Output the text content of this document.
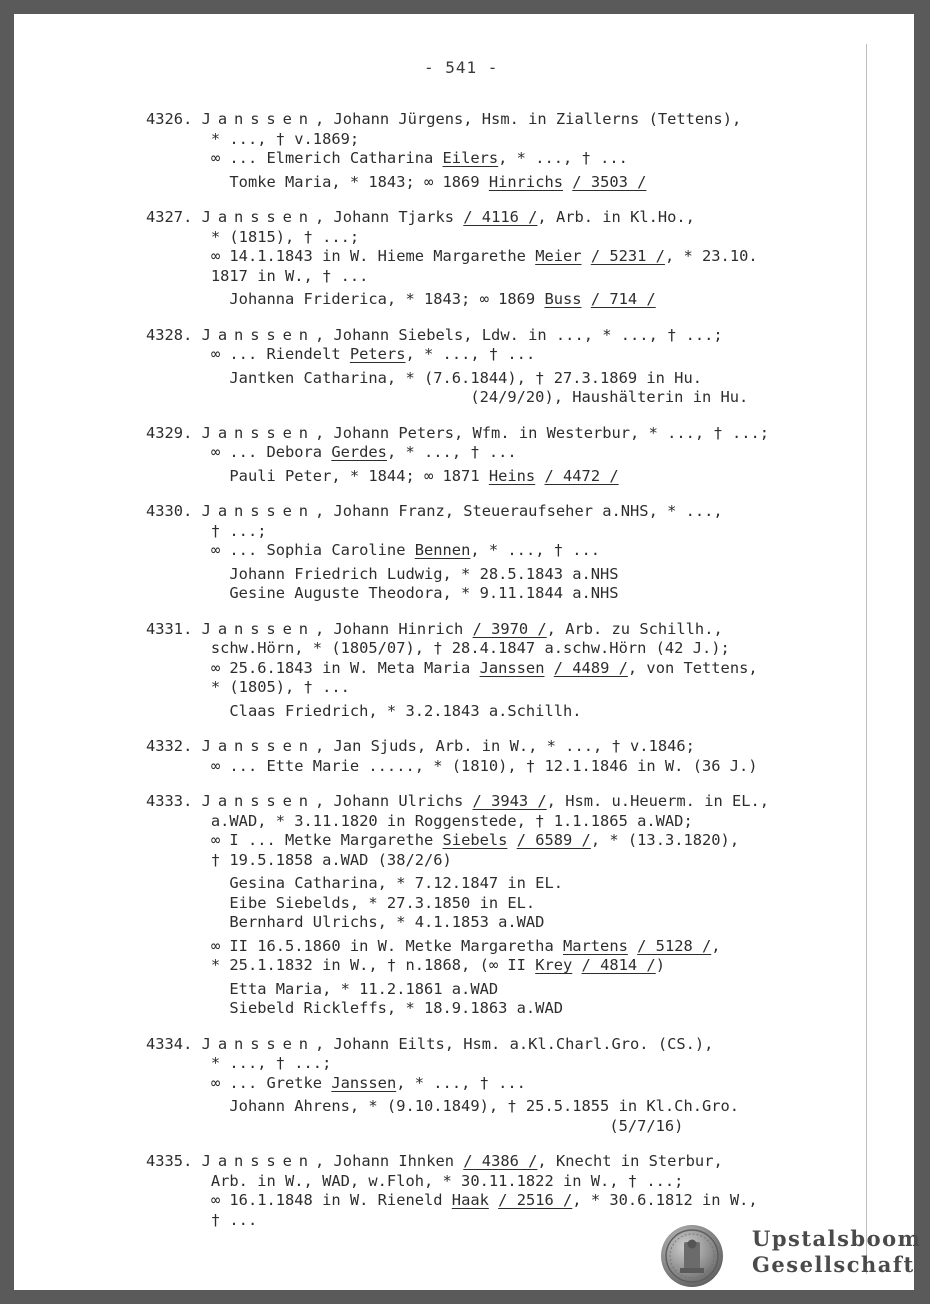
- 541 -
4326. Janssen, Johann Jürgens, Hsm. in Ziallerns (Tettens),
* ..., † v.1869;
∞ ... Elmerich Catharina Eilers, * ..., † ...
Tomke Maria, * 1843; ∞ 1869 Hinrichs / 3503 /
4327. Janssen, Johann Tjarks / 4116 /, Arb. in Kl.Ho.,
* (1815), † ...;
∞ 14.1.1843 in W. Hieme Margarethe Meier / 5231 /, * 23.10.
1817 in W., † ...
Johanna Friderica, * 1843; ∞ 1869 Buss / 714 /
4328. Janssen, Johann Siebels, Ldw. in ..., * ..., † ...;
∞ ... Riendelt Peters, * ..., † ...
Jantken Catharina, * (7.6.1844), † 27.3.1869 in Hu.
(24/9/20), Haushälterin in Hu.
4329. Janssen, Johann Peters, Wfm. in Westerbur, * ..., † ...;
∞ ... Debora Gerdes, * ..., † ...
Pauli Peter, * 1844; ∞ 1871 Heins / 4472 /
4330. Janssen, Johann Franz, Steueraufseher a.NHS, * ...,
† ...;
∞ ... Sophia Caroline Bennen, * ..., † ...
Johann Friedrich Ludwig, * 28.5.1843 a.NHS
Gesine Auguste Theodora, * 9.11.1844 a.NHS
4331. Janssen, Johann Hinrich / 3970 /, Arb. zu Schillh.,
schw.Hörn, * (1805/07), † 28.4.1847 a.schw.Hörn (42 J.);
∞ 25.6.1843 in W. Meta Maria Janssen / 4489 /, von Tettens,
* (1805), † ...
Claas Friedrich, * 3.2.1843 a.Schillh.
4332. Janssen, Jan Sjuds, Arb. in W., * ..., † v.1846;
∞ ... Ette Marie ....., * (1810), † 12.1.1846 in W. (36 J.)
4333. Janssen, Johann Ulrichs / 3943 /, Hsm. u.Heuerm. in EL.,
a.WAD, * 3.11.1820 in Roggenstede, † 1.1.1865 a.WAD;
∞ I ... Metke Margarethe Siebels / 6589 /, * (13.3.1820),
† 19.5.1858 a.WAD (38/2/6)
Gesina Catharina, * 7.12.1847 in EL.
Eibe Siebelds, * 27.3.1850 in EL.
Bernhard Ulrichs, * 4.1.1853 a.WAD
∞ II 16.5.1860 in W. Metke Margaretha Martens / 5128 /,
* 25.1.1832 in W., † n.1868, (∞ II Krey / 4814 /)
Etta Maria, * 11.2.1861 a.WAD
Siebeld Rickleffs, * 18.9.1863 a.WAD
4334. Janssen, Johann Eilts, Hsm. a.Kl.Charl.Gro. (CS.),
* ..., † ...;
∞ ... Gretke Janssen, * ..., † ...
Johann Ahrens, * (9.10.1849), † 25.5.1855 in Kl.Ch.Gro.
(5/7/16)
4335. Janssen, Johann Ihnken / 4386 /, Knecht in Sterbur,
Arb. in W., WAD, w.Floh, * 30.11.1822 in W., † ...;
∞ 16.1.1848 in W. Rieneld Haak / 2516 /, * 30.6.1812 in W.,
† ...
Upstalsboom
Gesellschaft
